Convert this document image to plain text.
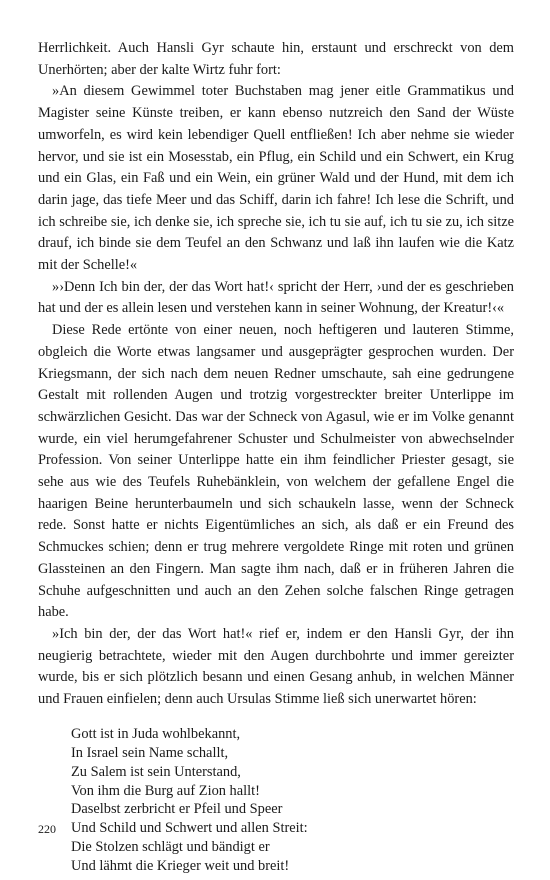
Herrlichkeit. Auch Hansli Gyr schaute hin, erstaunt und erschreckt von dem Unerhörten; aber der kalte Wirtz fuhr fort:

»An diesem Gewimmel toter Buchstaben mag jener eitle Grammatikus und Magister seine Künste treiben, er kann ebenso nutzreich den Sand der Wüste umworfeln, es wird kein lebendiger Quell entfließen! Ich aber nehme sie wieder hervor, und sie ist ein Mosesstab, ein Pflug, ein Schild und ein Schwert, ein Krug und ein Glas, ein Faß und ein Wein, ein grüner Wald und der Hund, mit dem ich darin jage, das tiefe Meer und das Schiff, darin ich fahre! Ich lese die Schrift, und ich schreibe sie, ich denke sie, ich spreche sie, ich tu sie auf, ich tu sie zu, ich sitze drauf, ich binde sie dem Teufel an den Schwanz und laß ihn laufen wie die Katz mit der Schelle!«

»›Denn Ich bin der, der das Wort hat!‹ spricht der Herr, ›und der es geschrieben hat und der es allein lesen und verstehen kann in seiner Wohnung, der Kreatur!‹«

Diese Rede ertönte von einer neuen, noch heftigeren und lauteren Stimme, obgleich die Worte etwas langsamer und ausgeprägter gesprochen wurden. Der Kriegsmann, der sich nach dem neuen Redner umschaute, sah eine gedrungene Gestalt mit rollenden Augen und trotzig vorgestreckter breiter Unterlippe im schwärzlichen Gesicht. Das war der Schneck von Agasul, wie er im Volke genannt wurde, ein viel herumgefahrener Schuster und Schulmeister von abwechselnder Profession. Von seiner Unterlippe hatte ein ihm feindlicher Priester gesagt, sie sehe aus wie des Teufels Ruhebänklein, von welchem der gefallene Engel die haarigen Beine herunterbaumeln und sich schaukeln lasse, wenn der Schneck rede. Sonst hatte er nichts Eigentümliches an sich, als daß er ein Freund des Schmuckes schien; denn er trug mehrere vergoldete Ringe mit roten und grünen Glassteinen an den Fingern. Man sagte ihm nach, daß er in früheren Jahren die Schuhe aufgeschnitten und auch an den Zehen solche falschen Ringe getragen habe.

»Ich bin der, der das Wort hat!« rief er, indem er den Hansli Gyr, der ihn neugierig betrachtete, wieder mit den Augen durchbohrte und immer gereizter wurde, bis er sich plötzlich besann und einen Gesang anhub, in welchen Männer und Frauen einfielen; denn auch Ursulas Stimme ließ sich unerwartet hören:

Gott ist in Juda wohlbekannt,
In Israel sein Name schallt,
Zu Salem ist sein Unterstand,
Von ihm die Burg auf Zion hallt!
Daselbst zerbricht er Pfeil und Speer
Und Schild und Schwert und allen Streit:
Die Stolzen schlägt und bändigt er
Und lähmt die Krieger weit und breit!
220
